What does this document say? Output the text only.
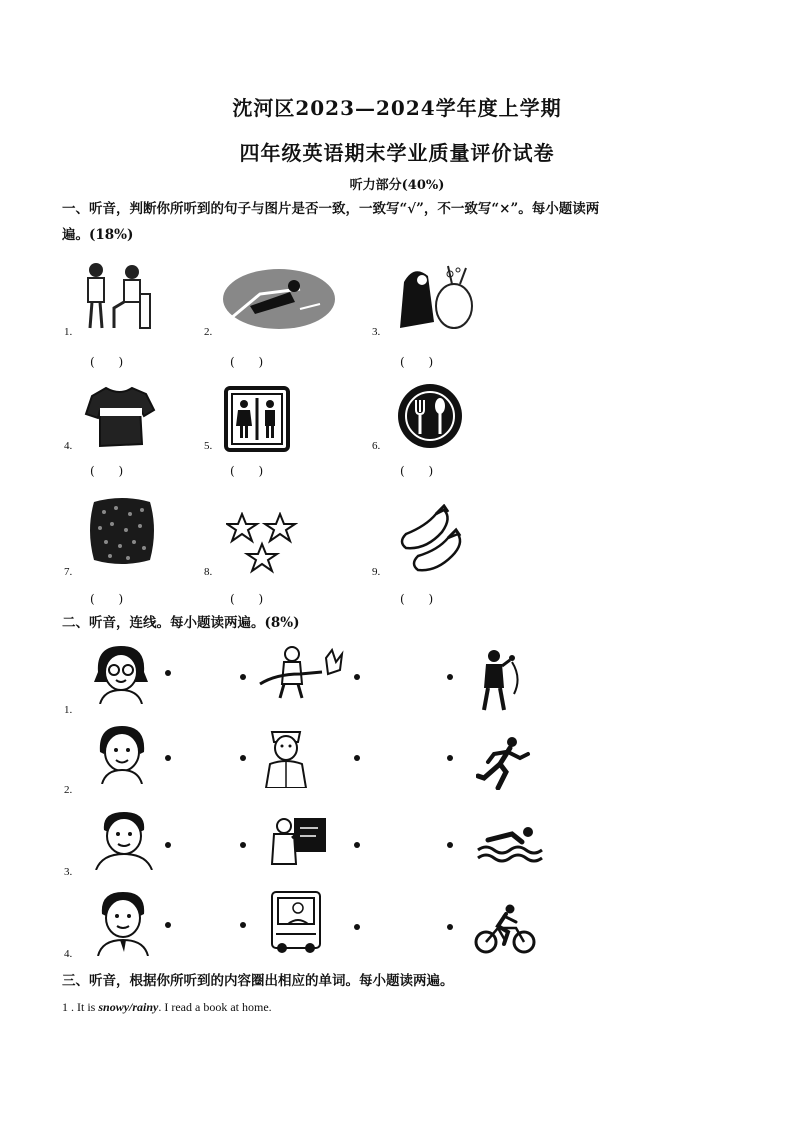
沈河区2023—2024学年度上学期
四年级英语期末学业质量评价试卷
听力部分(40%)
一、听音，判断你所听到的句子与图片是否一致，一致写“√”，不一致写“×”。每小题读两
遍。(18%)
1.
( )
2.
( )
3.
( )
4.
( )
5.
( )
6.
( )
7.
( )
8.
( )
9.
( )
二、听音，连线。每小题读两遍。(8%)
1.
2.
3.
4.
三、听音，根据你所听到的内容圈出相应的单词。每小题读两遍。
1 . It is snowy/rainy. I read a book at home.
